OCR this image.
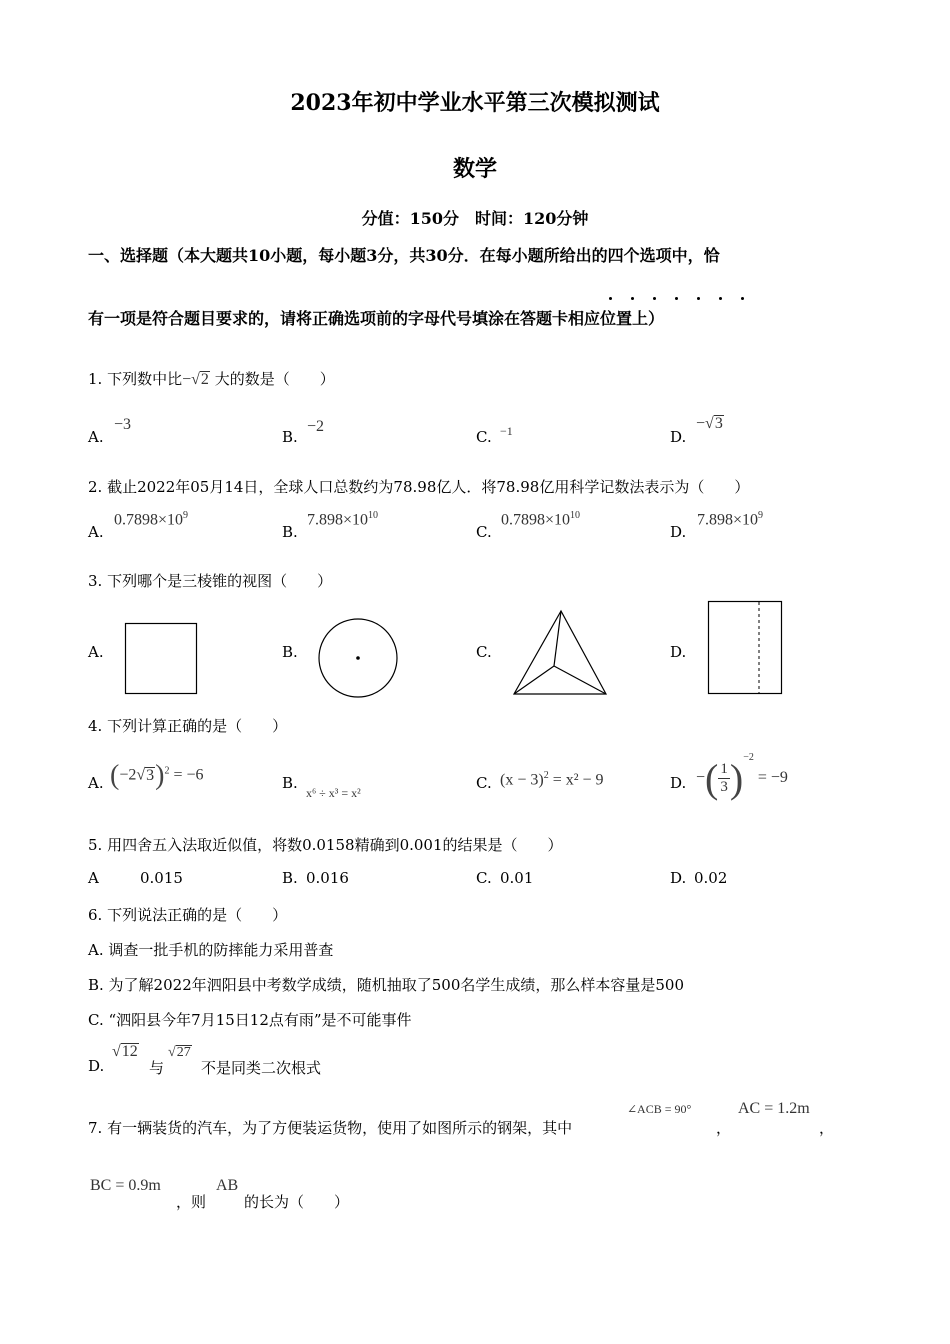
2023年初中学业水平第三次模拟测试
数学
分值：150分　时间：120分钟
一、选择题（本大题共10小题，每小题3分，共30分．在每小题所给出的四个选项中，恰
有一项是符合题目要求的，请将正确选项前的字母代号填涂在答题卡相应位置上）
1. 下列数中比−√2 大的数是（　　）
A.
−3
B.
−2
C. −1	D.
−√3
2. 截止2022年05月14日，全球人口总数约为78.98亿人．将78.98亿用科学记数法表示为（　　）
A.
$0.7898\times 10^9$
B.
$7.898\times 10^{10}$
C.
$0.7898\times 10^{10}$
D.
$7.898\times 10^9$
3. 下列哪个是三棱锥的视图（　　）
A.	B.	C.	D.
4. 下列计算正确的是（　　）
A. $(-2√3)^2 = -6$	B.
x⁶ ÷ x³ = x²
C. $(x - 3)^2 = x^2 - 9$	D. −( $\frac{1}{3} )^{-2} = -9$
5. 用四舍五入法取近似值，将数0.0158精确到0.001的结果是（　　）
A	0.015	B. 0.016	C. 0.01	D. 0.02
6. 下列说法正确的是（　　）
A. 调查一批手机的防摔能力采用普查
B. 为了解2022年泗阳县中考数学成绩，随机抽取了500名学生成绩，那么样本容量是500
C. “泗阳县今年7月15日12点有雨”是不可能事件
D.
√12
与
√27
不是同类二次根式
7. 有一辆装货的汽车，为了方便装运货物，使用了如图所示的钢架，其中
∠ACB = 90°
，
AC = 1.2m
，
BC = 0.9m
，则
AB
的长为（　　）
